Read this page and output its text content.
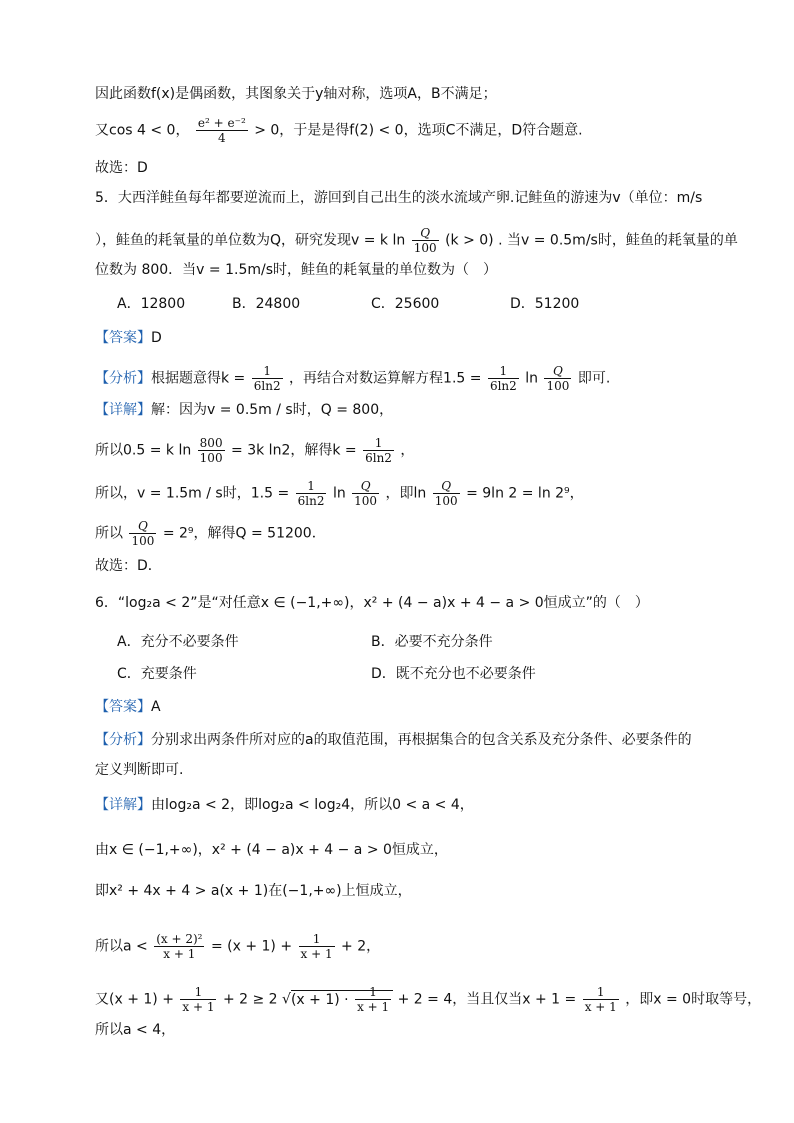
因此函数f(x)是偶函数，其图象关于y轴对称，选项A，B不满足；
又cos 4 < 0， $\frac{\text{e² + e⁻²}}{4} > 0$，于是是得f(2) < 0，选项C不满足，D符合题意.
故选：D
5．大西洋鲑鱼每年都要逆流而上，游回到自己出生的淡水流域产卵.记鲑鱼的游速为v（单位：m/s
），鲑鱼的耗氧量的单位数为Q，研究发现v = k $\ln \frac{Q}{100} (k > 0)$ . 当v = 0.5m/s时，鲑鱼的耗氧量的单
位数为 800．当v = 1.5m/s时，鲑鱼的耗氧量的单位数为（　）
A．12800	B．24800	C．25600	D．51200
【答案】D
【分析】根据题意得$k = \frac{1}{6\ln 2}$ ，再结合对数运算解方程$1.5 = \frac{1}{6\ln 2}$ $\ln \frac{Q}{100}$ 即可.
【详解】解：因为v = 0.5m / s时，Q = 800，
所以0.5 = k $\ln \frac{800}{100} = 3k$ ln2，解得$k = \frac{1}{6\ln 2}$ ，
所以，v = 1.5m / s时，$1.5 = \frac{1}{6\ln 2}$ $\ln \frac{Q}{100}$ ，即$\ln \frac{Q}{100} = 9\ln$ 2 = ln 2⁹，
所以 $\frac{Q}{100} = 2^9$，解得Q = 51200．
故选：D．
6．“log₂a < 2”是“对任意x ∈ (−1,+∞)，x² + (4 − a)x + 4 − a > 0恒成立”的（　）
A．充分不必要条件	B．必要不充分条件
C．充要条件	D．既不充分也不必要条件
【答案】A
【分析】分别求出两条件所对应的a的取值范围，再根据集合的包含关系及充分条件、必要条件的
定义判断即可.
【详解】由log₂a < 2，即log₂a < log₂4，所以0 < a < 4，
由x ∈ (−1,+∞)，x² + (4 − a)x + 4 − a > 0恒成立，
即x² + 4x + 4 > a(x + 1)在(−1,+∞)上恒成立，
所以$a < \frac{\text{(x + 2)²}}{x + 1} = (x + 1) + \frac{1}{x + 1} + 2$，
又$(x + 1) + \frac{1}{x + 1} + 2 \ge 2$ $√(x + 1) \cdot \frac{1}{x + 1} + 2 = 4$，当且仅当$x + 1 = \frac{1}{x + 1}$ ，即x = 0时取等号，
所以a < 4，
